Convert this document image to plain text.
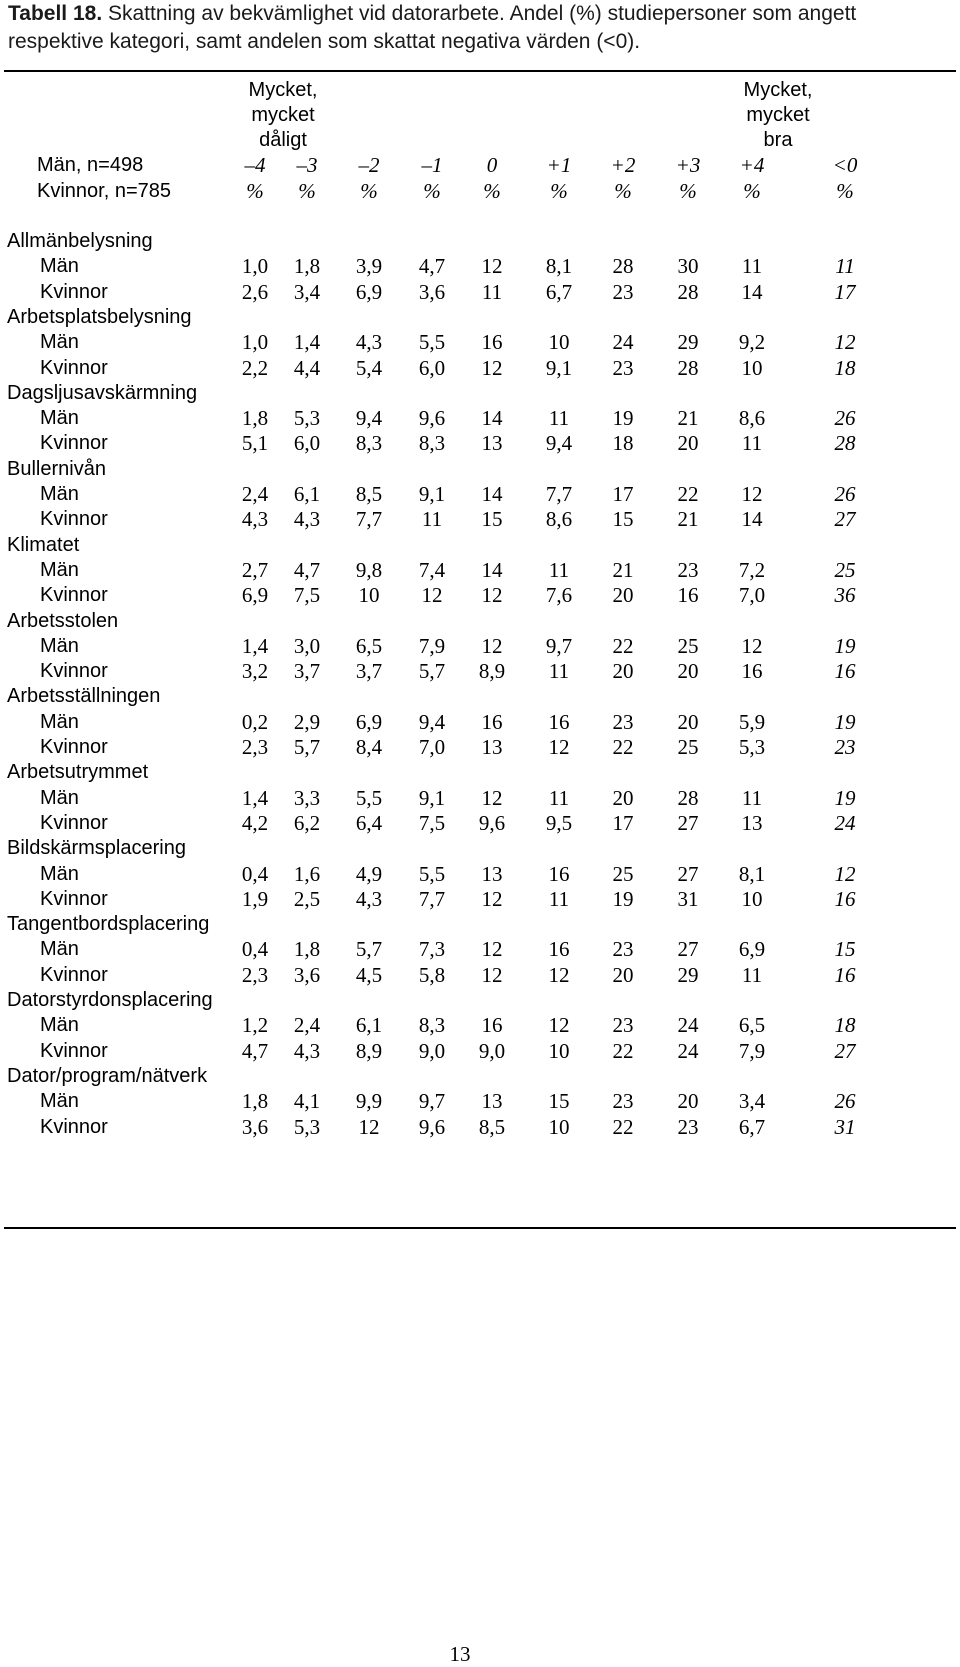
Tabell 18. Skattning av bekvämlighet vid datorarbete. Andel (%) studiepersoner som angett respektive kategori, samt andelen som skattat negativa värden (<0).
Mycket,	Mycket,
mycket	mycket
dåligt	bra
Män, n=498	–4	–3	–2	–1	0	+1	+2	+3	+4	<0
Kvinnor, n=785	%	%	%	%	%	%	%	%	%	%
Allmänbelysning
Män	1,0	1,8	3,9	4,7	12	8,1	28	30	11	11
Kvinnor	2,6	3,4	6,9	3,6	11	6,7	23	28	14	17
Arbetsplatsbelysning
Män	1,0	1,4	4,3	5,5	16	10	24	29	9,2	12
Kvinnor	2,2	4,4	5,4	6,0	12	9,1	23	28	10	18
Dagsljusavskärmning
Män	1,8	5,3	9,4	9,6	14	11	19	21	8,6	26
Kvinnor	5,1	6,0	8,3	8,3	13	9,4	18	20	11	28
Bullernivån
Män	2,4	6,1	8,5	9,1	14	7,7	17	22	12	26
Kvinnor	4,3	4,3	7,7	11	15	8,6	15	21	14	27
Klimatet
Män	2,7	4,7	9,8	7,4	14	11	21	23	7,2	25
Kvinnor	6,9	7,5	10	12	12	7,6	20	16	7,0	36
Arbetsstolen
Män	1,4	3,0	6,5	7,9	12	9,7	22	25	12	19
Kvinnor	3,2	3,7	3,7	5,7	8,9	11	20	20	16	16
Arbetsställningen
Män	0,2	2,9	6,9	9,4	16	16	23	20	5,9	19
Kvinnor	2,3	5,7	8,4	7,0	13	12	22	25	5,3	23
Arbetsutrymmet
Män	1,4	3,3	5,5	9,1	12	11	20	28	11	19
Kvinnor	4,2	6,2	6,4	7,5	9,6	9,5	17	27	13	24
Bildskärmsplacering
Män	0,4	1,6	4,9	5,5	13	16	25	27	8,1	12
Kvinnor	1,9	2,5	4,3	7,7	12	11	19	31	10	16
Tangentbordsplacering
Män	0,4	1,8	5,7	7,3	12	16	23	27	6,9	15
Kvinnor	2,3	3,6	4,5	5,8	12	12	20	29	11	16
Datorstyrdonsplacering
Män	1,2	2,4	6,1	8,3	16	12	23	24	6,5	18
Kvinnor	4,7	4,3	8,9	9,0	9,0	10	22	24	7,9	27
Dator/program/nätverk
Män	1,8	4,1	9,9	9,7	13	15	23	20	3,4	26
Kvinnor	3,6	5,3	12	9,6	8,5	10	22	23	6,7	31
13
